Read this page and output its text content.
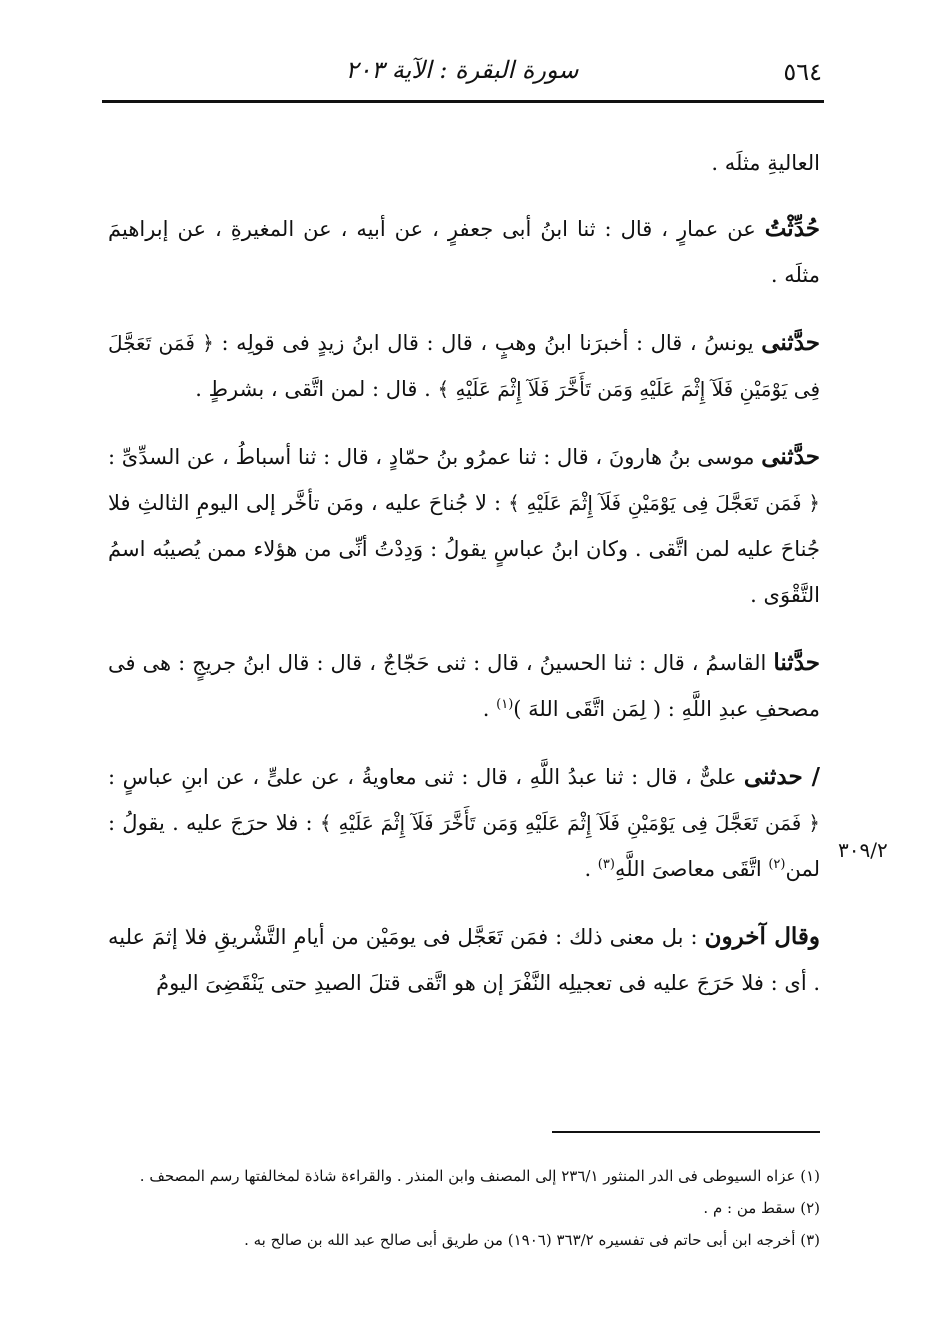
٥٦٤
سورة البقرة : الآية ٢٠٣
٣٠٩/٢

العاليةِ مثلَه .

حُدِّثْتُ عن عمارٍ ، قال : ثنا ابنُ أبى جعفرٍ ، عن أبيه ، عن المغيرةِ ، عن إبراهيمَ مثلَه .

حدَّثنى يونسُ ، قال : أخبرَنا ابنُ وهبٍ ، قال : قال ابنُ زيدٍ فى قولِه : ﴿ فَمَن تَعَجَّلَ فِى يَوْمَيْنِ فَلَآ إِثْمَ عَلَيْهِ وَمَن تَأَخَّرَ فَلَآ إِثْمَ عَلَيْهِ ﴾ . قال : لمن اتَّقى ، بشرطٍ .

حدَّثنى موسى بنُ هارونَ ، قال : ثنا عمرُو بنُ حمّادٍ ، قال : ثنا أسباطُ ، عن السدِّىِّ : ﴿ فَمَن تَعَجَّلَ فِى يَوْمَيْنِ فَلَآ إِثْمَ عَلَيْهِ ﴾ : لا جُناحَ عليه ، ومَن تأخَّر إلى اليومِ الثالثِ فلا جُناحَ عليه لمن اتَّقى . وكان ابنُ عباسٍ يقولُ : وَدِدْتُ أنِّى من هؤلاء ممن يُصيبُه اسمُ التَّقْوَى .

حدَّثنا القاسمُ ، قال : ثنا الحسينُ ، قال : ثنى حَجّاجٌ ، قال : قال ابنُ جريجٍ : هى فى مصحفِ عبدِ اللَّهِ : ( لِمَن اتَّقَى اللهَ )$^{(١)}$ .

/ حدثنى علىٌّ ، قال : ثنا عبدُ اللَّهِ ، قال : ثنى معاويةُ ، عن علىٍّ ، عن ابنِ عباسٍ : ﴿ فَمَن تَعَجَّلَ فِى يَوْمَيْنِ فَلَآ إِثْمَ عَلَيْهِ وَمَن تَأَخَّرَ فَلَآ إِثْمَ عَلَيْهِ ﴾ : فلا حرَجَ عليه . يقولُ : لمن$^{(٢)}$ اتَّقَى معاصىَ اللَّهِ$^{(٣)}$ .

وقال آخرون : بل معنى ذلك : فمَن تَعَجَّل فى يومَيْن من أيامِ التَّشْريقِ فلا إثمَ عليه . أى : فلا حَرَجَ عليه فى تعجيلِه النَّفْرَ إن هو اتَّقى قتلَ الصيدِ حتى يَنْقَضِىَ اليومُ

(١) عزاه السيوطى فى الدر المنثور ٢٣٦/١ إلى المصنف وابن المنذر . والقراءة شاذة لمخالفتها رسم المصحف .

(٢) سقط من : م .

(٣) أخرجه ابن أبى حاتم فى تفسيره ٣٦٣/٢ (١٩٠٦) من طريق أبى صالح عبد الله بن صالح به .
